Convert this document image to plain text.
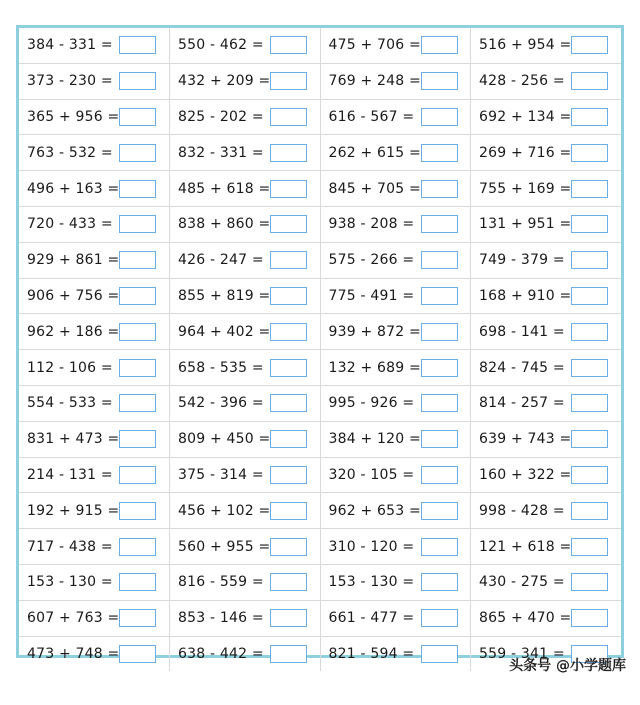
384 - 331 =	550 - 462 =	475 + 706 =	516 + 954 =

373 - 230 =	432 + 209 =	769 + 248 =	428 - 256 =

365 + 956 =	825 - 202 =	616 - 567 =	692 + 134 =

763 - 532 =	832 - 331 =	262 + 615 =	269 + 716 =

496 + 163 =	485 + 618 =	845 + 705 =	755 + 169 =

720 - 433 =	838 + 860 =	938 - 208 =	131 + 951 =

929 + 861 =	426 - 247 =	575 - 266 =	749 - 379 =

906 + 756 =	855 + 819 =	775 - 491 =	168 + 910 =

962 + 186 =	964 + 402 =	939 + 872 =	698 - 141 =

112 - 106 =	658 - 535 =	132 + 689 =	824 - 745 =

554 - 533 =	542 - 396 =	995 - 926 =	814 - 257 =

831 + 473 =	809 + 450 =	384 + 120 =	639 + 743 =

214 - 131 =	375 - 314 =	320 - 105 =	160 + 322 =

192 + 915 =	456 + 102 =	962 + 653 =	998 - 428 =

717 - 438 =	560 + 955 =	310 - 120 =	121 + 618 =

153 - 130 =	816 - 559 =	153 - 130 =	430 - 275 =

607 + 763 =	853 - 146 =	661 - 477 =	865 + 470 =

473 + 748 =	638 - 442 =	821 - 594 =	559 - 341 =
头条号 @小学题库
